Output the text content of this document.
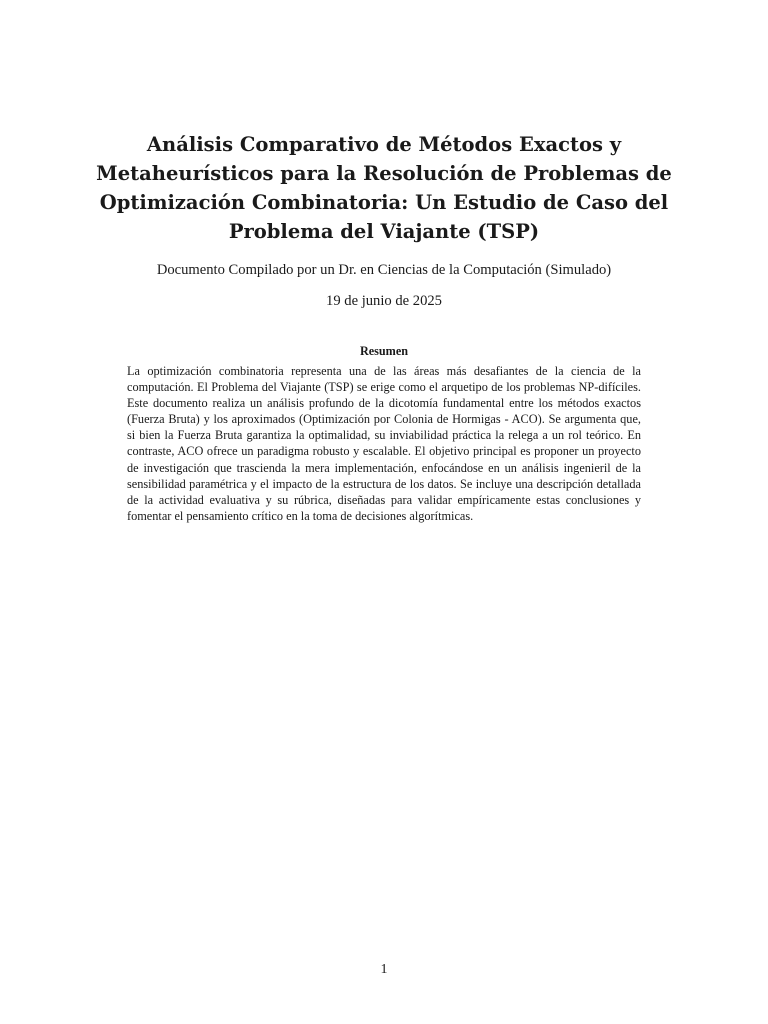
Análisis Comparativo de Métodos Exactos y Metaheurísticos para la Resolución de Problemas de Optimización Combinatoria: Un Estudio de Caso del Problema del Viajante (TSP)
Documento Compilado por un Dr. en Ciencias de la Computación (Simulado)
19 de junio de 2025
Resumen

La optimización combinatoria representa una de las áreas más desafiantes de la ciencia de la computación. El Problema del Viajante (TSP) se erige como el arquetipo de los problemas NP-difíciles. Este documento realiza un análisis profundo de la dicotomía fundamental entre los métodos exactos (Fuerza Bruta) y los aproximados (Optimización por Colonia de Hormigas - ACO). Se argumenta que, si bien la Fuerza Bruta garantiza la optimalidad, su inviabilidad práctica la relega a un rol teórico. En contraste, ACO ofrece un paradigma robusto y escalable. El objetivo principal es proponer un proyecto de investigación que trascienda la mera implementación, enfocándose en un análisis ingenieril de la sensibilidad paramétrica y el impacto de la estructura de los datos. Se incluye una descripción detallada de la actividad evaluativa y su rúbrica, diseñadas para validar empíricamente estas conclusiones y fomentar el pensamiento crítico en la toma de decisiones algorítmicas.

1
